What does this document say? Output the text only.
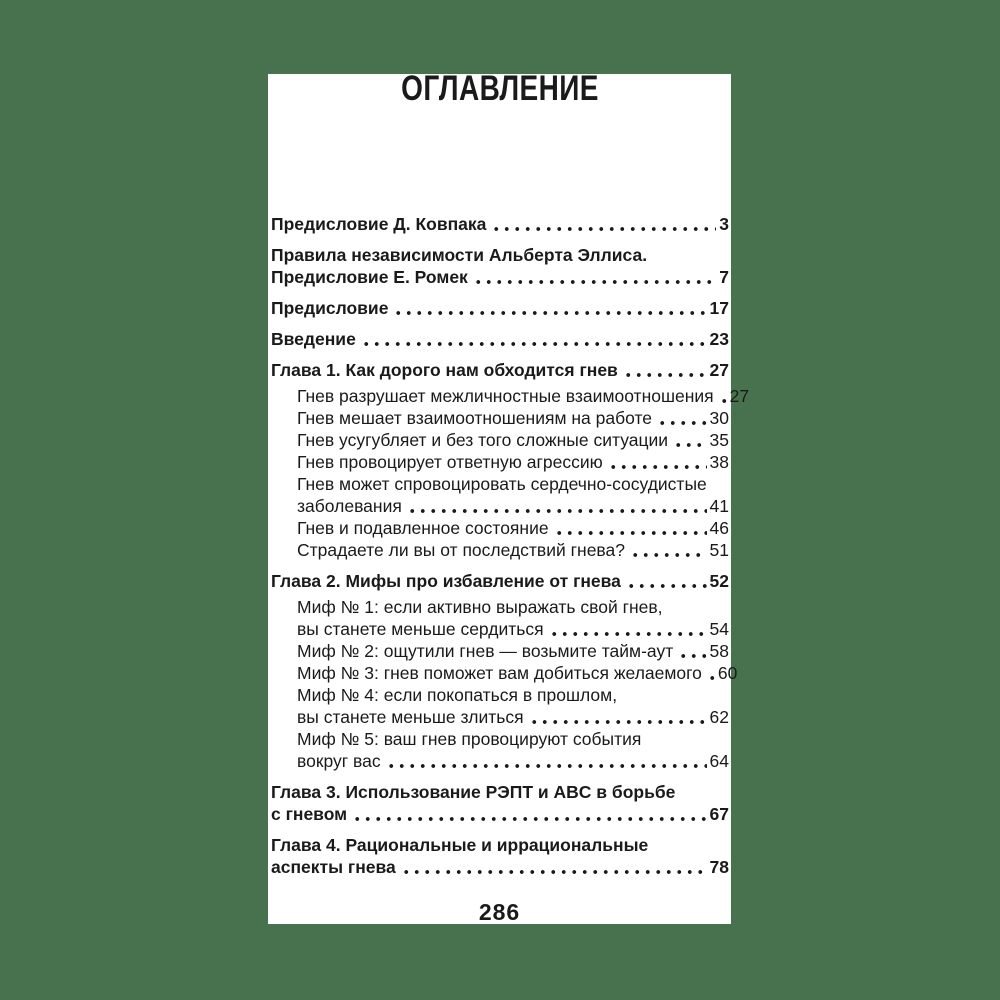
ОГЛАВЛЕНИЕ
Предисловие Д. Ковпака	3
Правила независимости Альберта Эллиса.
Предисловие Е. Ромек	7
Предисловие	17
Введение	23
Глава 1. Как дорого нам обходится гнев	27
Гнев разрушает межличностные взаимоотношения 27
Гнев мешает взаимоотношениям на работе	30
Гнев усугубляет и без того сложные ситуации 35
Гнев провоцирует ответную агрессию	38
Гнев может спровоцировать сердечно-сосудистые
заболевания	41
Гнев и подавленное состояние	46
Страдаете ли вы от последствий гнева?	51
Глава 2. Мифы про избавление от гнева	52
Миф № 1: если активно выражать свой гнев,
вы станете меньше сердиться	54
Миф № 2: ощутили гнев — возьмите тайм-аут 58
Миф № 3: гнев поможет вам добиться желаемого 60
Миф № 4: если покопаться в прошлом,
вы станете меньше злиться	62
Миф № 5: ваш гнев провоцируют события
вокруг вас	64
Глава 3. Использование РЭПТ и ABC в борьбе
с гневом	67
Глава 4. Рациональные и иррациональные
аспекты гнева	78
286
